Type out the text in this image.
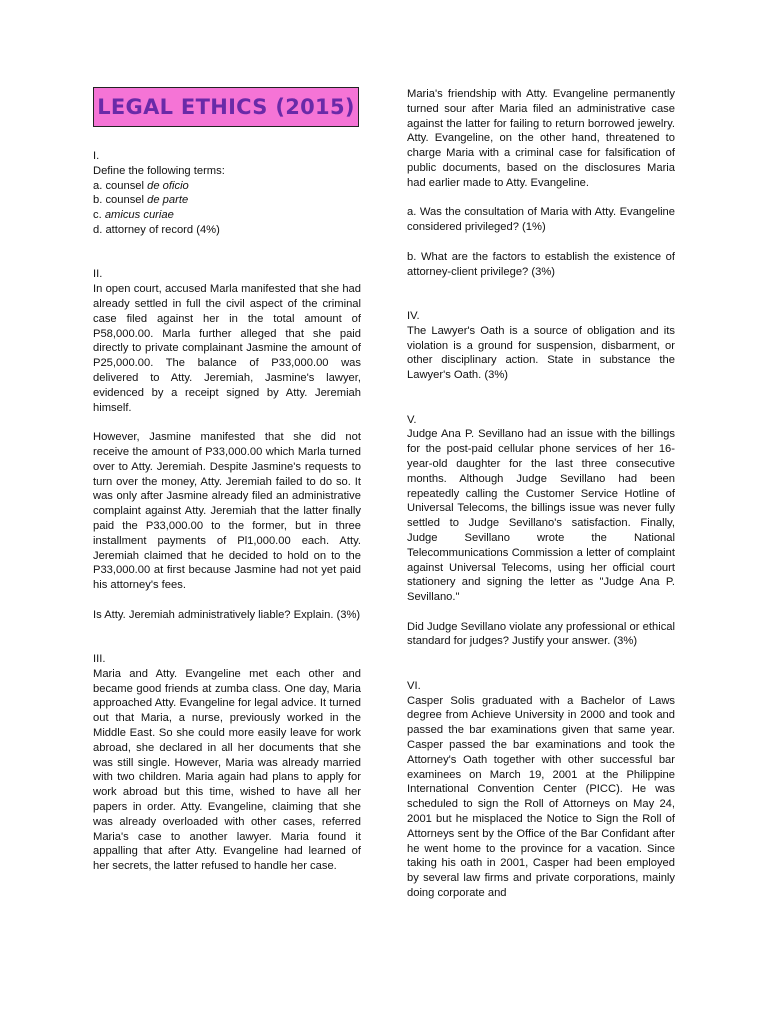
LEGAL ETHICS (2015)

I.

Define the following terms:

a. counsel de oficio

b. counsel de parte

c. amicus curiae

d. attorney of record (4%)

II.

In open court, accused Marla manifested that she had already settled in full the civil aspect of the criminal case filed against her in the total amount of P58,000.00. Marla further alleged that she paid directly to private complainant Jasmine the amount of P25,000.00. The balance of P33,000.00 was delivered to Atty. Jeremiah, Jasmine's lawyer, evidenced by a receipt signed by Atty. Jeremiah himself.

However, Jasmine manifested that she did not receive the amount of P33,000.00 which Marla turned over to Atty. Jeremiah. Despite Jasmine's requests to turn over the money, Atty. Jeremiah failed to do so. It was only after Jasmine already filed an administrative complaint against Atty. Jeremiah that the latter finally paid the P33,000.00 to the former, but in three installment payments of Pl1,000.00 each. Atty. Jeremiah claimed that he decided to hold on to the P33,000.00 at first because Jasmine had not yet paid his attorney's fees.

Is Atty. Jeremiah administratively liable? Explain. (3%)

III.

Maria and Atty. Evangeline met each other and became good friends at zumba class. One day, Maria approached Atty. Evangeline for legal advice. It turned out that Maria, a nurse, previously worked in the Middle East. So she could more easily leave for work abroad, she declared in all her documents that she was still single. However, Maria was already married with two children. Maria again had plans to apply for work abroad but this time, wished to have all her papers in order. Atty. Evangeline, claiming that she was already overloaded with other cases, referred Maria's case to another lawyer. Maria found it appalling that after Atty. Evangeline had learned of her secrets, the latter refused to handle her case.

Maria's friendship with Atty. Evangeline permanently turned sour after Maria filed an administrative case against the latter for failing to return borrowed jewelry. Atty. Evangeline, on the other hand, threatened to charge Maria with a criminal case for falsification of public documents, based on the disclosures Maria had earlier made to Atty. Evangeline.

a. Was the consultation of Maria with Atty. Evangeline considered privileged? (1%)

b. What are the factors to establish the existence of attorney-client privilege? (3%)

IV.

The Lawyer's Oath is a source of obligation and its violation is a ground for suspension, disbarment, or other disciplinary action. State in substance the Lawyer's Oath. (3%)

V.

Judge Ana P. Sevillano had an issue with the billings for the post-paid cellular phone services of her 16-year-old daughter for the last three consecutive months. Although Judge Sevillano had been repeatedly calling the Customer Service Hotline of Universal Telecoms, the billings issue was never fully settled to Judge Sevillano's satisfaction. Finally, Judge Sevillano wrote the National Telecommunications Commission a letter of complaint against Universal Telecoms, using her official court stationery and signing the letter as "Judge Ana P. Sevillano."

Did Judge Sevillano violate any professional or ethical standard for judges? Justify your answer. (3%)

VI.

Casper Solis graduated with a Bachelor of Laws degree from Achieve University in 2000 and took and passed the bar examinations given that same year. Casper passed the bar examinations and took the Attorney's Oath together with other successful bar examinees on March 19, 2001 at the Philippine International Convention Center (PICC). He was scheduled to sign the Roll of Attorneys on May 24, 2001 but he misplaced the Notice to Sign the Roll of Attorneys sent by the Office of the Bar Confidant after he went home to the province for a vacation. Since taking his oath in 2001, Casper had been employed by several law firms and private corporations, mainly doing corporate and
